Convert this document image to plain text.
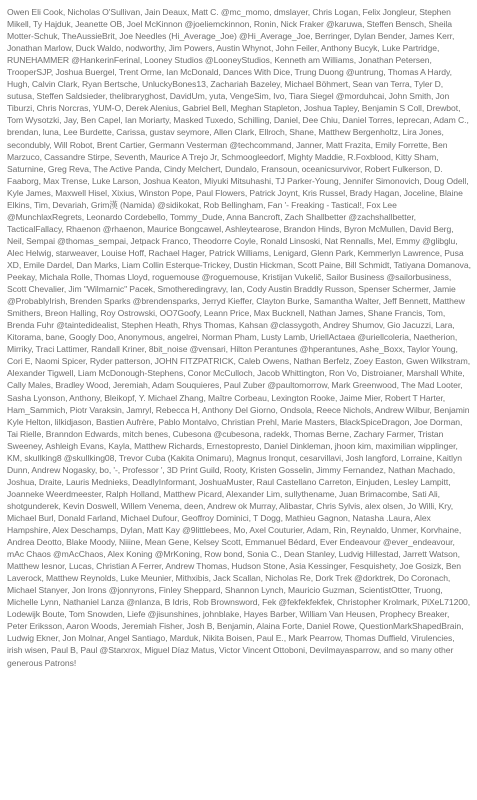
Owen Eli Cook, Nicholas O'Sullivan, Jain Deaux, Matt C. @mc_momo, dmslayer, Chris Logan, Felix Jongleur, Stephen Mikell, Ty Hajduk, Jeanette OB, Joel McKinnon @joeliemckinnon, Ronin, Nick Fraker @karuwa, Steffen Bensch, Sheila Motter-Schuk, TheAussieBrit, Joe Needles (Hi_Average_Joe) @Hi_Average_Joe, Berringer, Dylan Bender, James Kerr, Jonathan Marlow, Duck Waldo, nodworthy, Jim Powers, Austin Whynot, John Feiler, Anthony Bucyk, Luke Partridge, RUNEHAMMER @HankerinFerinal, Looney Studios @LooneyStudios, Kenneth am Williams, Jonathan Petersen, TrooperSJP, Joshua Buergel, Trent Orme, Ian McDonald, Dances With Dice, Trung Duong @untrung, Thomas A Hardy, Hugh, Calvin Clark, Ryan Bertsche, UnluckyBones13, Zachariah Bazeley, Michael Böhmert, Sean van Terra, Tyler D, sutusa, Steffen Saldsieder, thelibraryghost, DavidUm, yuta, VengeSim, Ivo, Tiara Siegel @morduhcai, John Smith, Jon Tiburzi, Chris Norcras, YUM-O, Derek Alenius, Gabriel Bell, Meghan Stapleton, Joshua Tapley, Benjamin S Coll, Drewbot, Tom Wysotzki, Jay, Ben Capel, Ian Moriarty, Masked Tuxedo, Schilling, Daniel, Dee Chiu, Daniel Torres, Ieprecan, Adam C., brendan, luna, Lee Burdette, Carissa, gustav seymore, Allen Clark, Ellroch, Shane, Matthew Bergenholtz, Lira Jones, secondubly, Will Robot, Brent Cartier, Germann Vesterman @techcommand, Janner, Matt Frazita, Emily Forrette, Ben Marzuco, Cassandre Stirpe, Seventh, Maurice A Trejo Jr, Schmoogleedorf, Mighty Maddie, R.Foxblood, Kitty Sham, Saturnine, Greg Reva, The Active Panda, Cindy Melchert, Dundalo, Fransoun, oceanicsurvivor, Robert Fulkerson, D. Faaborg, Max Trense, Luke Larson, Joshua Keaton, Miyuki Mitsuhashi, TJ Parker-Young, Jennifer Simonovich, Doug Odell, Kyle James, Maxwell Hisel, Xixius, Winston Pope, Paul Flowers, Patrick Joynt, Kris Russel, Brady Hagan, Joceline, Blaine Elkins, Tim, Devariah, Grim漢 (Namida) @sidikokat, Rob Bellingham, Fan '- Freaking - Tastical!, Fox Lee @MunchlaxRegrets, Leonardo Cordebello, Tommy_Dude, Anna Bancroft, Zach Shallbetter @zachshallbetter, TacticalFallacy, Rhaenon @rhaenon, Maurice Bongcawel, Ashleytearose, Brandon Hinds, Byron McMullen, David Berg, Neil, Sempai @thomas_sempai, Jetpack Franco, Theodorre Coyle, Ronald Linsoski, Nat Rennalls, Mel, Emmy @glibglu, Alec Helwig, starweaver, Louise Hoff, Rachael Hager, Patrick Williams, Lenigard, Glenn Park, Kemmerlyn Lawrence, Pusa XD, Emile Dardel, Dan Marks, Liam Collin Esterque-Trickey, Dustin Hickman, Scott Paine, Bill Schmidt, Tatiyana Domanova, Peekay, Michala Rolle, Thomas Lloyd, roguemouse @roguemouse, Kristijan Vukelič, Sailor Business @sailorbusiness, Scott Chevalier, Jim "Wilmarnic" Pacek, Smotheredingravy, Ian, Cody Austin Braddly Russon, Spenser Schermer, Jamie @ProbablyIrish, Brenden Sparks @brendensparks, Jerryd Kieffer, Clayton Burke, Samantha Walter, Jeff Bennett, Matthew Smithers, Breon Halling, Roy Ostrowski, OO7Goofy, Leann Price, Max Bucknell, Nathan James, Shane Francis, Tom, Brenda Fuhr @taintedidealist, Stephen Heath, Rhys Thomas, Kahsan @classygoth, Andrey Shumov, Gio Jacuzzi, Lara, Kitorama, bane, Googly Doo, Anonymous, angelrei, Norman Pham, Lusty Lamb, UriellActaea @uriellcoleria, Naetherion, Mirriky, Traci Lattimer, Randall Kriner, 8bit_noise @vensari, Hilton Perantunes @hperantunes, Ashe_Boxx, Taylor Young, Cori E, Naomi Spicer, Ryder patterson, JOHN FITZPATRICK, Caleb Owens, Nathan Berfelz, Zoey Easton, Gwen Wilkstram, Alexander Tigwell, Liam McDonough-Stephens, Conor McCulloch, Jacob Whittington, Ron Vo, Distroianer, Marshall White, Cally Males, Bradley Wood, Jeremiah, Adam Souquieres, Paul Zuber @paultomorrow, Mark Greenwood, The Mad Looter, Sasha Lyonson, Anthony, Bleikopf, Y. Michael Zhang, Maître Corbeau, Lexington Rooke, Jaime Mier, Robert T Harter, Ham_Sammich, Piotr Varaksin, Jamryl, Rebecca H, Anthony Del Giorno, Ondsola, Reece Nichols, Andrew Wilbur, Benjamin Kyle Helton, lilkidjason, Bastien Aufrère, Pablo Montalvo, Christian Prehl, Marie Masters, BlackSpiceDragon, Joe Dorman, Tai Rielle, Branndon Edwards, mitch benes, Cubesona @cubesona, radekk, Thomas Berne, Zachary Farmer, Tristan Sweeney, Ashleigh Evans, Kayla, Matthew Richards, Ernestopresto, Daniel Dinkleman, jhoon kim, maximilian wipplinger, KM, skullking8 @skullking08, Trevor Cuba (Kakita Onimaru), Magnus Ironqut, cesarvillavi, Josh langford, Lorraine, Kaitlyn Dunn, Andrew Nogasky, bo, '-, Professor ', 3D Print Guild, Rooty, Kristen Gosselin, Jimmy Fernandez, Nathan Machado, Joshua, Draite, Lauris Mednieks, DeadlyInformant, JoshuaMuster, Raul Castellano Carreton, Einjuden, Lesley Lampitt, Joanneke Weerdmeester, Ralph Holland, Matthew Picard, Alexander Lim, sullythename, Juan Brimacombe, Sati Ali, shotgunderek, Kevin Doswell, Willem Venema, deen, Andrew ok Murray, Alibastar, Chris Sylvis, alex olsen, Jo Willi, Kry, Michael Burl, Donald Farland, Michael Dufour, Geoffroy Dominici, T Dogg, Mathieu Gagnon, Natasha .Laura, Alex Hampshire, Alex Deschamps, Dylan, Matt Kay @9littlebees, Mo, Axel Couturier, Adam, Rin, Reynaldo, Unmer, Korvhaine, Andrea Deotto, Blake Moody, Niiine, Mean Gene, Kelsey Scott, Emmanuel Bédard, Ever Endeavour @ever_endeavour, mAc Chaos @mAcChaos, Alex Koning @MrKoning, Row bond, Sonia C., Dean Stanley, Ludvig Hillestad, Jarrett Watson, Matthew Iesnor, Lucas, Christian A Ferrer, Andrew Thomas, Hudson Stone, Asia Kessinger, Fesquishety, Joe Gosizk, Ben Laverock, Matthew Reynolds, Luke Meunier, Mithxibis, Jack Scallan, Nicholas Re, Dork Trek @dorktrek, Do Coronach, Michael Stanyer, Jon Irons @jonnyrons, Finley Sheppard, Shannon Lynch, Mauricio Guzman, ScientistOtter, Truong, Michelle Lynn, Nathaniel Lanza @nlanza, B Idris, Rob Brownsword, Fek @fekfekfekfek, Christopher Krolmark, PiXeL71200, Lodewijk Boute, Tom Snowden, Liefe @jisunshines, johnblake, Hayes Barber, William Van Heusen, Prophecy Breaker, Peter Eriksson, Aaron Woods, Jeremiah Fisher, Josh B, Benjamin, Alaina Forte, Daniel Rowe, QuestionMarkShapedBrain, Ludwig Ekner, Jon Molnar, Angel Santiago, Marduk, Nikita Boisen, Paul E., Mark Pearrow, Thomas Duffield, Virulencies, irish wisen, Paul B, Paul @Starxrox, Miguel Díaz Matus, Victor Vincent Ottoboni, Devilmayasparrow, and so many other generous Patrons!
